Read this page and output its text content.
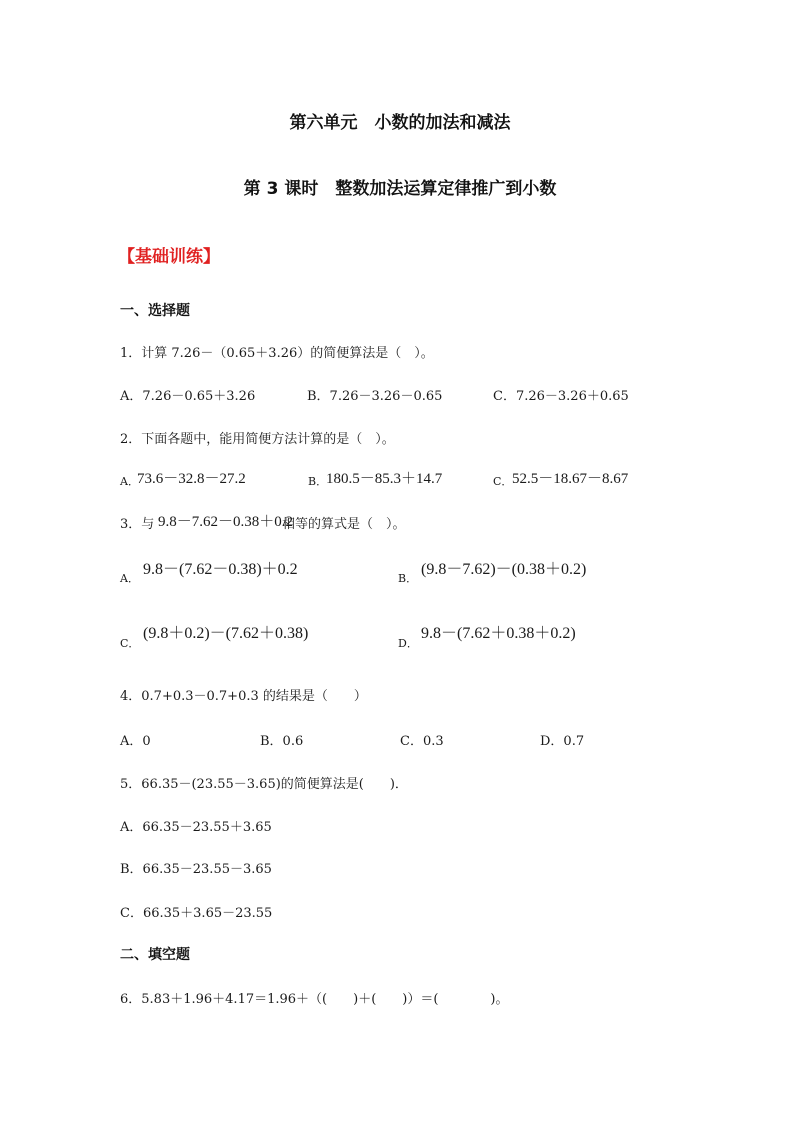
第六单元　小数的加法和减法
第 3 课时　整数加法运算定律推广到小数
【基础训练】
一、选择题
1．计算 7.26－（0.65＋3.26）的简便算法是（　）。
A．7.26－0.65＋3.26	B．7.26－3.26－0.65	C．7.26－3.26＋0.65
2．下面各题中，能用简便方法计算的是（　）。
A．
73.6－32.8－27.2	B．
180.5－85.3＋14.7	C． 52.5－18.67－8.67
3．与 9.8－7.62－0.38＋0.2
相等的算式是（　）。
A．
9.8－(7.62－0.38)＋0.2
B．
(9.8－7.62)－(0.38＋0.2)
C．
(9.8＋0.2)－(7.62＋0.38)
D．
9.8－(7.62＋0.38＋0.2)
4．0.7+0.3－0.7+0.3 的结果是（　　）
A．0	B．0.6	C．0.3	D．0.7
5．66.35－(23.55－3.65)的简便算法是(　　)．
A．66.35－23.55＋3.65
B．66.35－23.55－3.65
C．66.35＋3.65－23.55
二、填空题
6．5.83＋1.96＋4.17＝1.96＋（(　　)＋(　　)）＝(　　　　)。
